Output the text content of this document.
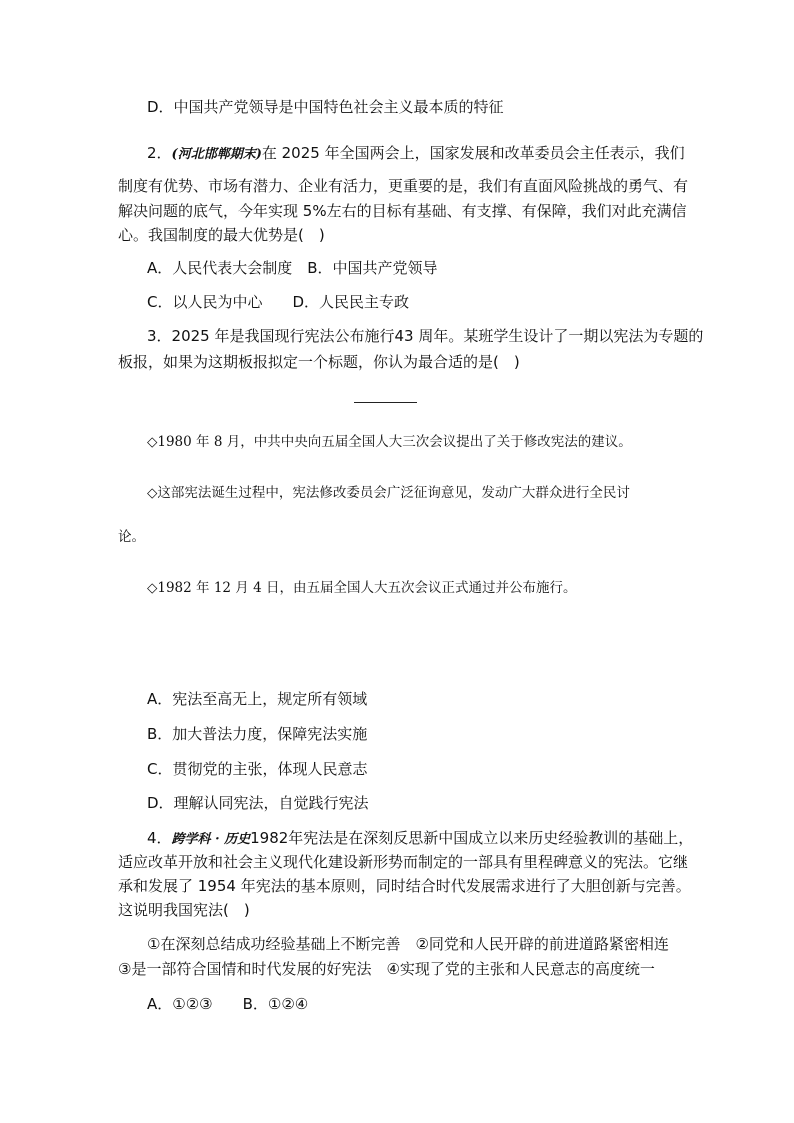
D．中国共产党领导是中国特色社会主义最本质的特征
2．(河北邯郸期末)在 2025 年全国两会上，国家发展和改革委员会主任表示，我们
制度有优势、市场有潜力、企业有活力，更重要的是，我们有直面风险挑战的勇气、有
解决问题的底气，今年实现 5%左右的目标有基础、有支撑、有保障，我们对此充满信
心。我国制度的最大优势是(　)
A．人民代表大会制度　B．中国共产党领导
C．以人民为中心　　D．人民民主专政
3．2025 年是我国现行宪法公布施行43 周年。某班学生设计了一期以宪法为专题的
板报，如果为这期板报拟定一个标题，你认为最合适的是(　)
◇1980 年 8 月，中共中央向五届全国人大三次会议提出了关于修改宪法的建议。
◇这部宪法诞生过程中，宪法修改委员会广泛征询意见，发动广大群众进行全民讨
论。
◇1982 年 12 月 4 日，由五届全国人大五次会议正式通过并公布施行。
A．宪法至高无上，规定所有领域
B．加大普法力度，保障宪法实施
C．贯彻党的主张，体现人民意志
D．理解认同宪法，自觉践行宪法
4．跨学科 · 历史1982年宪法是在深刻反思新中国成立以来历史经验教训的基础上，
适应改革开放和社会主义现代化建设新形势而制定的一部具有里程碑意义的宪法。它继
承和发展了 1954 年宪法的基本原则，同时结合时代发展需求进行了大胆创新与完善。
这说明我国宪法(　)
①在深刻总结成功经验基础上不断完善　②同党和人民开辟的前进道路紧密相连
③是一部符合国情和时代发展的好宪法　④实现了党的主张和人民意志的高度统一
A．①②③　　B．①②④
